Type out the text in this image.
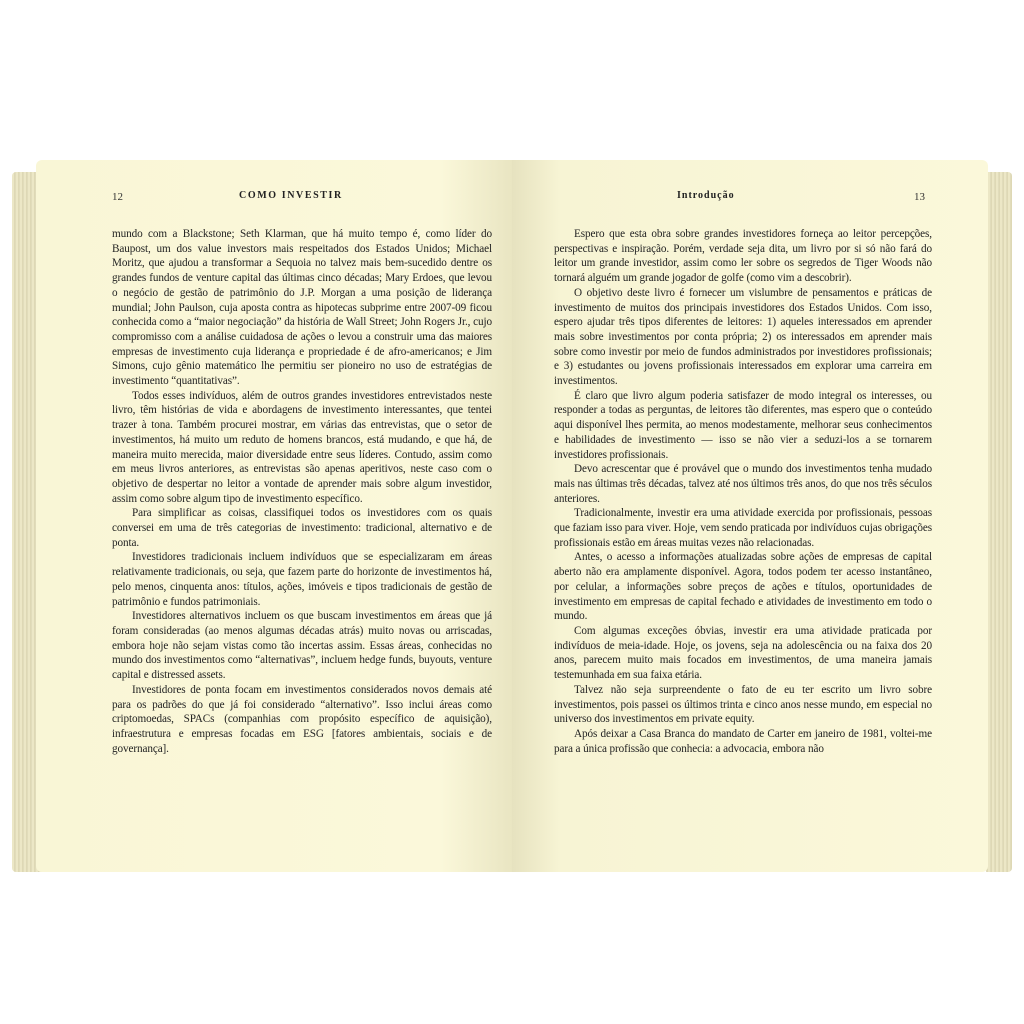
12	COMO INVESTIR

mundo com a Blackstone; Seth Klarman, que há muito tempo é, como líder do Baupost, um dos value investors mais respeitados dos Estados Unidos; Michael Moritz, que ajudou a transformar a Sequoia no talvez mais bem-sucedido dentre os grandes fundos de venture capital das últimas cinco décadas; Mary Erdoes, que levou o negócio de gestão de patrimônio do J.P. Morgan a uma posição de liderança mundial; John Paulson, cuja aposta contra as hipotecas subprime entre 2007-09 ficou conhecida como a “maior negociação” da história de Wall Street; John Rogers Jr., cujo compromisso com a análise cuidadosa de ações o levou a construir uma das maiores empresas de investimento cuja liderança e propriedade é de afro-americanos; e Jim Simons, cujo gênio matemático lhe permitiu ser pioneiro no uso de estratégias de investimento “quantitativas”.

Todos esses indivíduos, além de outros grandes investidores entrevistados neste livro, têm histórias de vida e abordagens de investimento interessantes, que tentei trazer à tona. Também procurei mostrar, em várias das entrevistas, que o setor de investimentos, há muito um reduto de homens brancos, está mudando, e que há, de maneira muito merecida, maior diversidade entre seus líderes. Contudo, assim como em meus livros anteriores, as entrevistas são apenas aperitivos, neste caso com o objetivo de despertar no leitor a vontade de aprender mais sobre algum investidor, assim como sobre algum tipo de investimento específico.

Para simplificar as coisas, classifiquei todos os investidores com os quais conversei em uma de três categorias de investimento: tradicional, alternativo e de ponta.

Investidores tradicionais incluem indivíduos que se especializaram em áreas relativamente tradicionais, ou seja, que fazem parte do horizonte de investimentos há, pelo menos, cinquenta anos: títulos, ações, imóveis e tipos tradicionais de gestão de patrimônio e fundos patrimoniais.

Investidores alternativos incluem os que buscam investimentos em áreas que já foram consideradas (ao menos algumas décadas atrás) muito novas ou arriscadas, embora hoje não sejam vistas como tão incertas assim. Essas áreas, conhecidas no mundo dos investimentos como “alternativas”, incluem hedge funds, buyouts, venture capital e distressed assets.

Investidores de ponta focam em investimentos considerados novos demais até para os padrões do que já foi considerado “alternativo”. Isso inclui áreas como criptomoedas, SPACs (companhias com propósito específico de aquisição), infraestrutura e empresas focadas em ESG [fatores ambientais, sociais e de governança].

Introdução	13

Espero que esta obra sobre grandes investidores forneça ao leitor percepções, perspectivas e inspiração. Porém, verdade seja dita, um livro por si só não fará do leitor um grande investidor, assim como ler sobre os segredos de Tiger Woods não tornará alguém um grande jogador de golfe (como vim a descobrir).

O objetivo deste livro é fornecer um vislumbre de pensamentos e práticas de investimento de muitos dos principais investidores dos Estados Unidos. Com isso, espero ajudar três tipos diferentes de leitores: 1) aqueles interessados em aprender mais sobre investimentos por conta própria; 2) os interessados em aprender mais sobre como investir por meio de fundos administrados por investidores profissionais; e 3) estudantes ou jovens profissionais interessados em explorar uma carreira em investimentos.

É claro que livro algum poderia satisfazer de modo integral os interesses, ou responder a todas as perguntas, de leitores tão diferentes, mas espero que o conteúdo aqui disponível lhes permita, ao menos modestamente, melhorar seus conhecimentos e habilidades de investimento — isso se não vier a seduzi-los a se tornarem investidores profissionais.

Devo acrescentar que é provável que o mundo dos investimentos tenha mudado mais nas últimas três décadas, talvez até nos últimos três anos, do que nos três séculos anteriores.

Tradicionalmente, investir era uma atividade exercida por profissionais, pessoas que faziam isso para viver. Hoje, vem sendo praticada por indivíduos cujas obrigações profissionais estão em áreas muitas vezes não relacionadas.

Antes, o acesso a informações atualizadas sobre ações de empresas de capital aberto não era amplamente disponível. Agora, todos podem ter acesso instantâneo, por celular, a informações sobre preços de ações e títulos, oportunidades de investimento em empresas de capital fechado e atividades de investimento em todo o mundo.

Com algumas exceções óbvias, investir era uma atividade praticada por indivíduos de meia-idade. Hoje, os jovens, seja na adolescência ou na faixa dos 20 anos, parecem muito mais focados em investimentos, de uma maneira jamais testemunhada em sua faixa etária.

Talvez não seja surpreendente o fato de eu ter escrito um livro sobre investimentos, pois passei os últimos trinta e cinco anos nesse mundo, em especial no universo dos investimentos em private equity.

Após deixar a Casa Branca do mandato de Carter em janeiro de 1981, voltei-me para a única profissão que conhecia: a advocacia, embora não
